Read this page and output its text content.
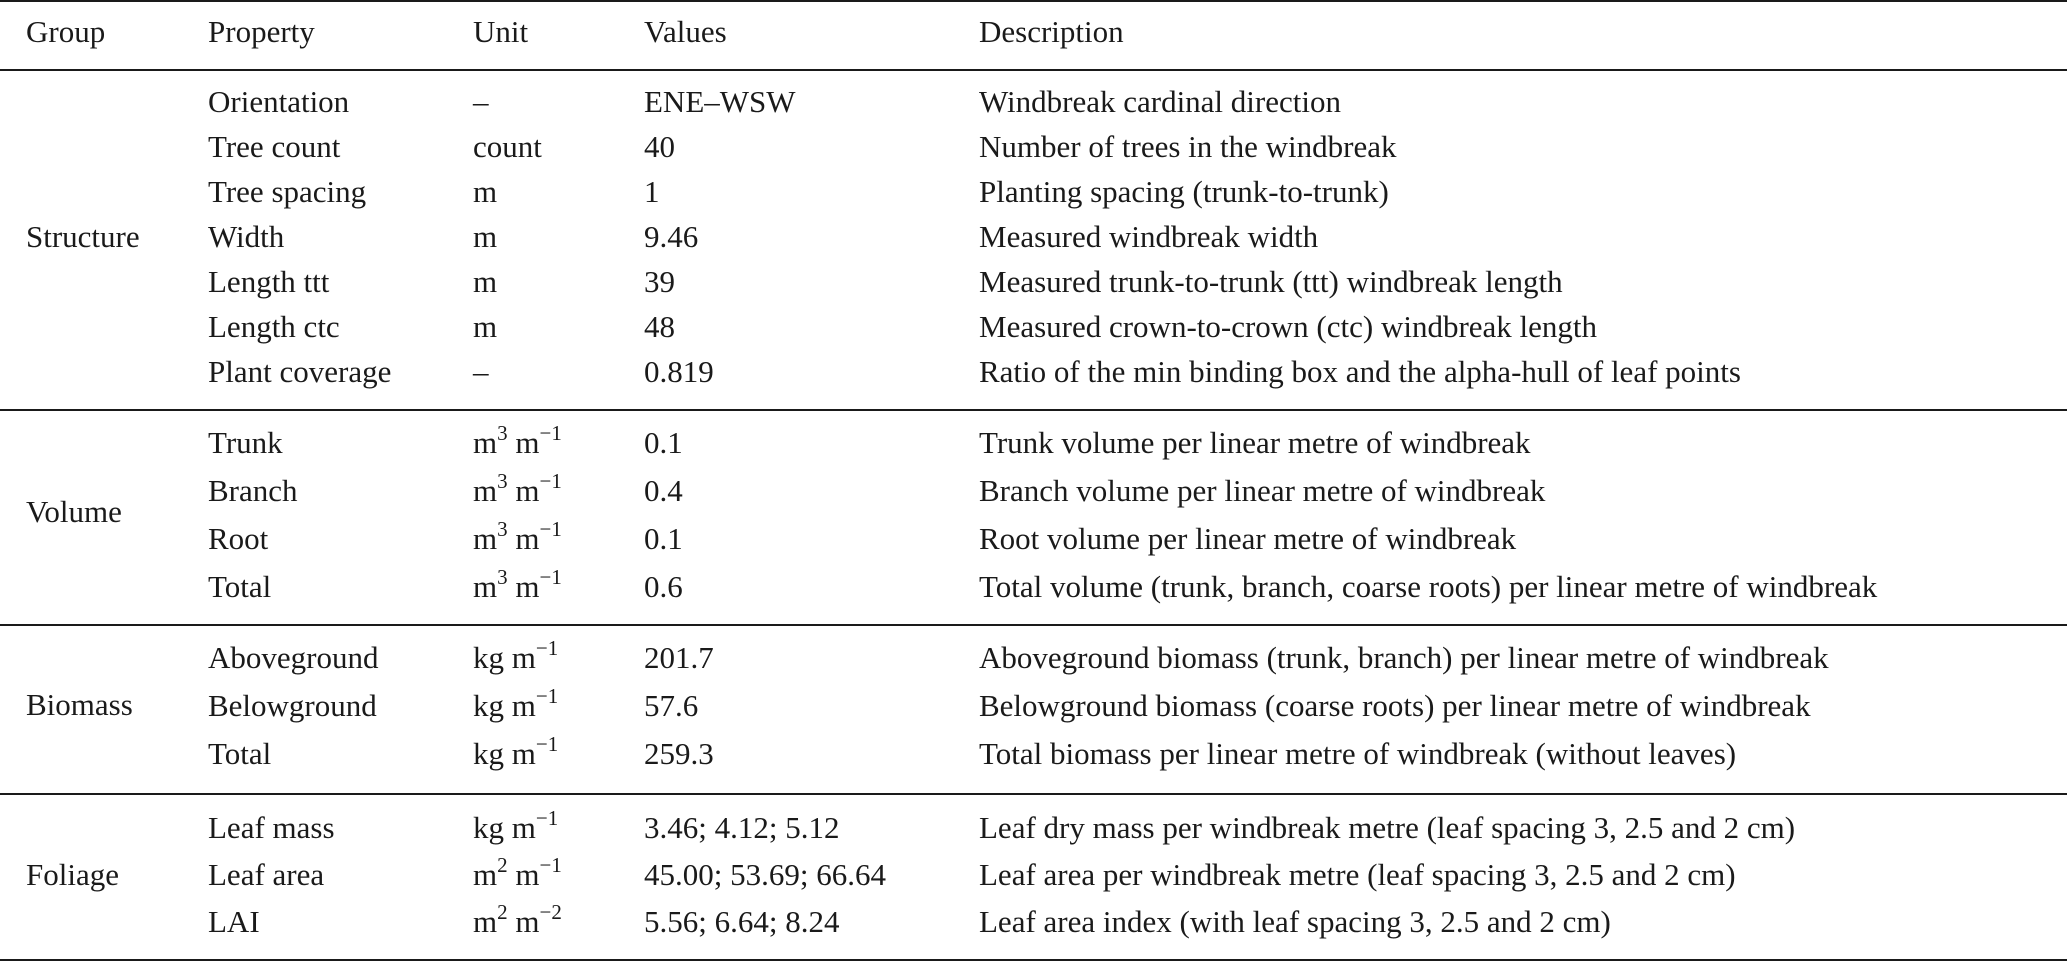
Group	Property	Unit	Values	Description
Structure
Orientation	–	ENE–WSW	Windbreak cardinal direction
Tree count	count	40	Number of trees in the windbreak
Tree spacing	m	1	Planting spacing (trunk-to-trunk)
Width	m	9.46	Measured windbreak width
Length ttt	m	39	Measured trunk-to-trunk (ttt) windbreak length
Length ctc	m	48	Measured crown-to-crown (ctc) windbreak length
Plant coverage	–	0.819	Ratio of the min binding box and the alpha-hull of leaf points
Volume
Trunk	$m^3$ $m^{-1}$	0.1	Trunk volume per linear metre of windbreak
Branch	$m^3$ $m^{-1}$	0.4	Branch volume per linear metre of windbreak
Root	$m^3$ $m^{-1}$	0.1	Root volume per linear metre of windbreak
Total	$m^3$ $m^{-1}$	0.6	Total volume (trunk, branch, coarse roots) per linear metre of windbreak
Biomass
Aboveground	kg $m^{-1}$	201.7	Aboveground biomass (trunk, branch) per linear metre of windbreak
Belowground	kg $m^{-1}$	57.6	Belowground biomass (coarse roots) per linear metre of windbreak
Total	kg $m^{-1}$	259.3	Total biomass per linear metre of windbreak (without leaves)
Foliage
Leaf mass	kg $m^{-1}$	3.46; 4.12; 5.12	Leaf dry mass per windbreak metre (leaf spacing 3, 2.5 and 2 cm)
Leaf area	$m^2$ $m^{-1}$	45.00; 53.69; 66.64	Leaf area per windbreak metre (leaf spacing 3, 2.5 and 2 cm)
LAI	$m^2$ $m^{-2}$	5.56; 6.64; 8.24	Leaf area index (with leaf spacing 3, 2.5 and 2 cm)
